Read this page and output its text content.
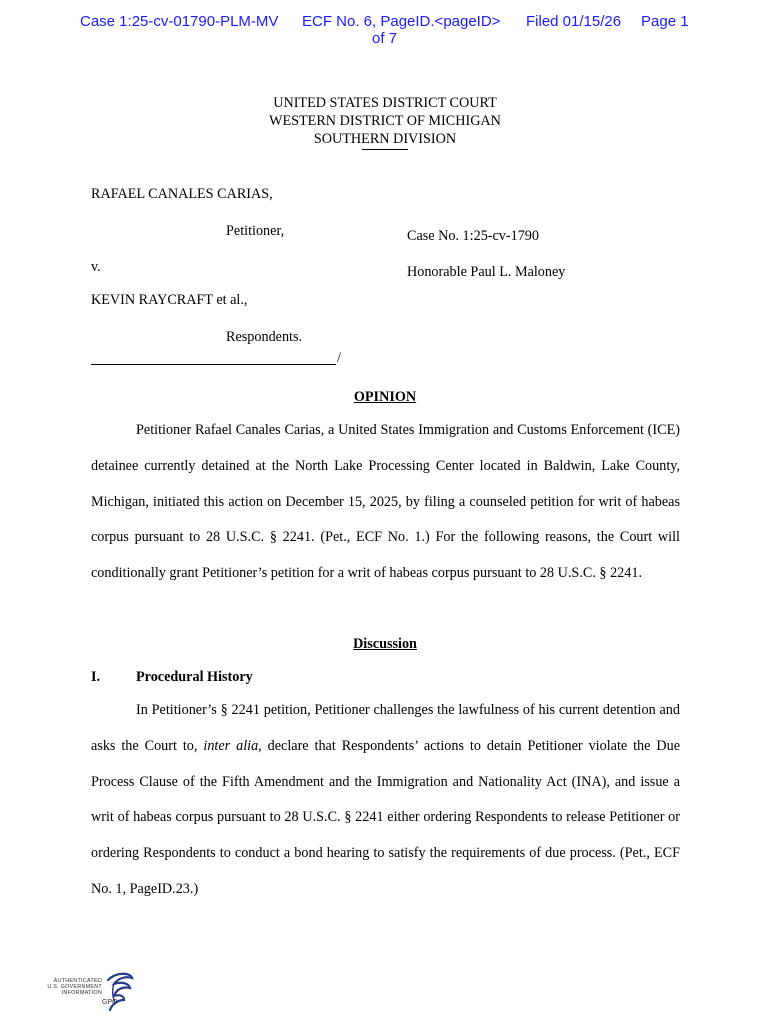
Case 1:25-cv-01790-PLM-MV ECF No. 6, PageID.<pageID> Filed 01/15/26 Page 1
of 7
UNITED STATES DISTRICT COURT
WESTERN DISTRICT OF MICHIGAN
SOUTHERN DIVISION
RAFAEL CANALES CARIAS,
Petitioner,	Case No. 1:25-cv-1790
v.	Honorable Paul L. Maloney
KEVIN RAYCRAFT et al.,
Respondents.
/
OPINION

Petitioner Rafael Canales Carias, a United States Immigration and Customs Enforcement (ICE) detainee currently detained at the North Lake Processing Center located in Baldwin, Lake County, Michigan, initiated this action on December 15, 2025, by filing a counseled petition for writ of habeas corpus pursuant to 28 U.S.C. § 2241. (Pet., ECF No. 1.) For the following reasons, the Court will conditionally grant Petitioner’s petition for a writ of habeas corpus pursuant to 28 U.S.C. § 2241.

Discussion
I.	Procedural History

In Petitioner’s § 2241 petition, Petitioner challenges the lawfulness of his current detention and asks the Court to, inter alia, declare that Respondents’ actions to detain Petitioner violate the Due Process Clause of the Fifth Amendment and the Immigration and Nationality Act (INA), and issue a writ of habeas corpus pursuant to 28 U.S.C. § 2241 either ordering Respondents to release Petitioner or ordering Respondents to conduct a bond hearing to satisfy the requirements of due process. (Pet., ECF No. 1, PageID.23.)

AUTHENTICATED
U.S. GOVERNMENT
INFORMATION
GPO
